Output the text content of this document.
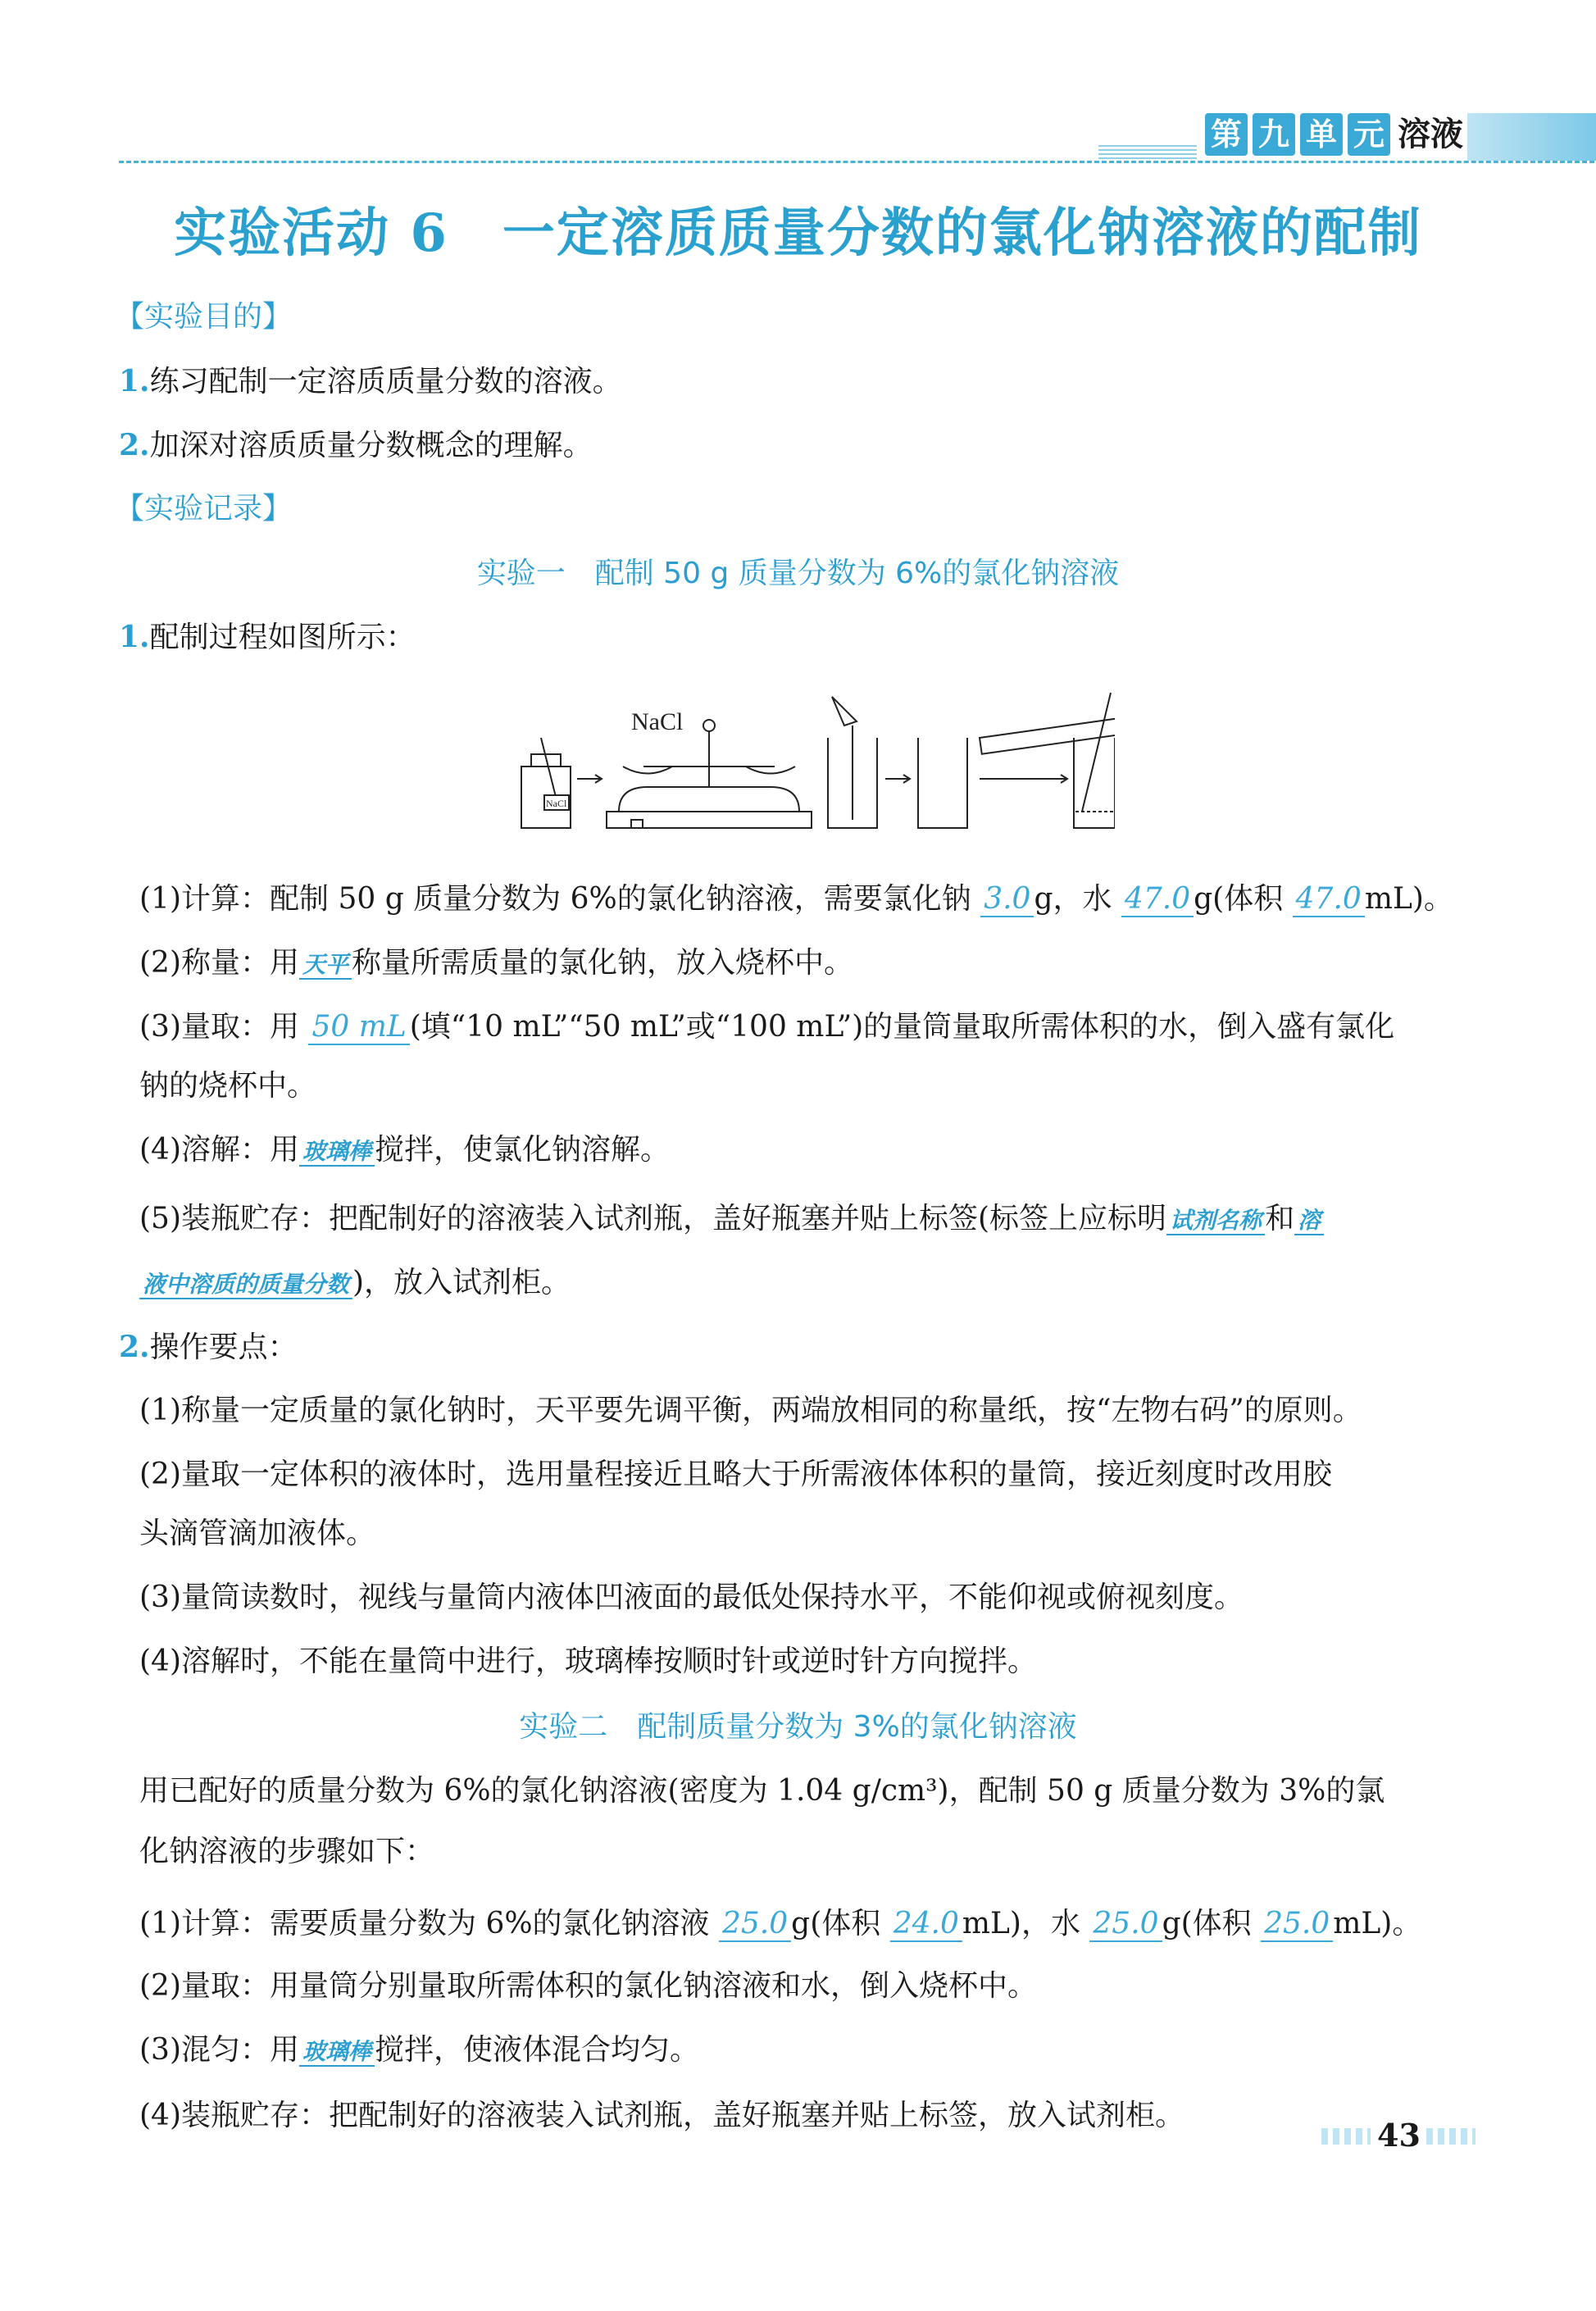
第 九 单 元 溶液
实验活动 6　一定溶质质量分数的氯化钠溶液的配制
【实验目的】
1.练习配制一定溶质质量分数的溶液。
2.加深对溶质质量分数概念的理解。
【实验记录】
实验一　配制 50 g 质量分数为 6%的氯化钠溶液
1.配制过程如图所示：
NaCl
NaCl
(1)计算：配制 50 g 质量分数为 6%的氯化钠溶液，需要氯化钠 3.0 g，水 47.0 g(体积 47.0 mL)。
(2)称量：用 天平 称量所需质量的氯化钠，放入烧杯中。
(3)量取：用 50 mL (填“10 mL”“50 mL”或“100 mL”)的量筒量取所需体积的水，倒入盛有氯化
钠的烧杯中。
(4)溶解：用 玻璃棒 搅拌，使氯化钠溶解。
(5)装瓶贮存：把配制好的溶液装入试剂瓶，盖好瓶塞并贴上标签(标签上应标明 试剂名称 和 溶
液中溶质的质量分数 )，放入试剂柜。
2.操作要点：
(1)称量一定质量的氯化钠时，天平要先调平衡，两端放相同的称量纸，按“左物右码”的原则。
(2)量取一定体积的液体时，选用量程接近且略大于所需液体体积的量筒，接近刻度时改用胶
头滴管滴加液体。
(3)量筒读数时，视线与量筒内液体凹液面的最低处保持水平，不能仰视或俯视刻度。
(4)溶解时，不能在量筒中进行，玻璃棒按顺时针或逆时针方向搅拌。
实验二　配制质量分数为 3%的氯化钠溶液
用已配好的质量分数为 6%的氯化钠溶液(密度为 1.04 g/cm³)，配制 50 g 质量分数为 3%的氯
化钠溶液的步骤如下：
(1)计算：需要质量分数为 6%的氯化钠溶液 25.0 g(体积 24.0 mL)，水 25.0 g(体积 25.0 mL)。
(2)量取：用量筒分别量取所需体积的氯化钠溶液和水，倒入烧杯中。
(3)混匀：用 玻璃棒 搅拌，使液体混合均匀。
(4)装瓶贮存：把配制好的溶液装入试剂瓶，盖好瓶塞并贴上标签，放入试剂柜。
43
